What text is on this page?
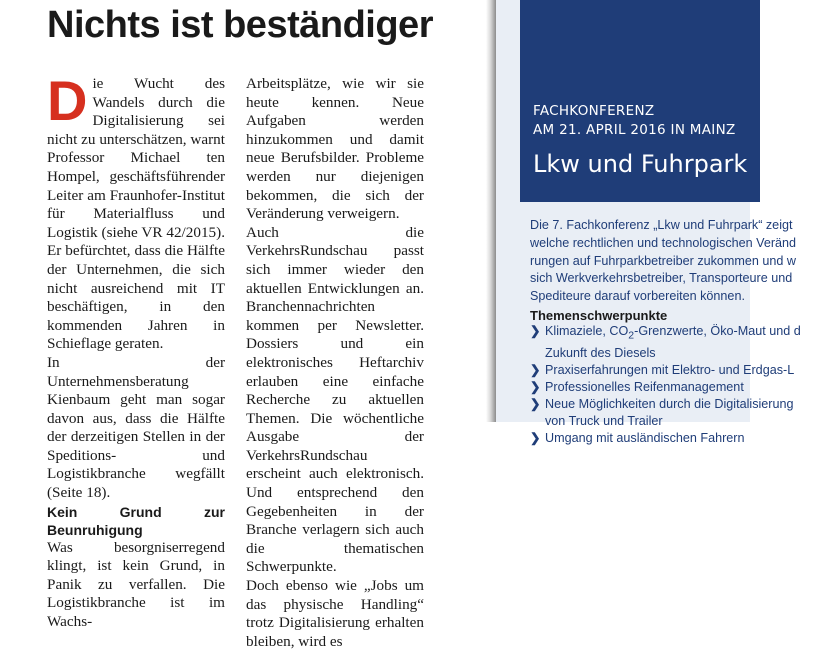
Nichts ist beständiger

Die Wucht des Wandels durch die Digitalisierung sei nicht zu unterschätzen, warnt Professor Michael ten Hompel, geschäftsführender Leiter am Fraunhofer-Institut für Materialfluss und Logistik (siehe VR 42/2015). Er befürchtet, dass die Hälfte der Unternehmen, die sich nicht ausreichend mit IT beschäftigen, in den kommenden Jahren in Schieflage geraten.

In der Unternehmensberatung Kienbaum geht man sogar davon aus, dass die Hälfte der derzeitigen Stellen in der Speditions- und Logistikbranche wegfällt (Seite 18).

Kein Grund zur Beunruhigung

Was besorgniserregend klingt, ist kein Grund, in Panik zu verfallen. Die Logistikbranche ist im Wachs-

Arbeitsplätze, wie wir sie heute kennen. Neue Aufgaben werden hinzukommen und damit neue Berufsbilder. Probleme werden nur diejenigen bekommen, die sich der Veränderung verweigern.

Auch die VerkehrsRundschau passt sich immer wieder den aktuellen Entwicklungen an. Branchennachrichten kommen per Newsletter. Dossiers und ein elektronisches Heftarchiv erlauben eine einfache Recherche zu aktuellen Themen. Die wöchentliche Ausgabe der VerkehrsRundschau erscheint auch elektronisch. Und entsprechend den Gegebenheiten in der Branche verlagern sich auch die thematischen Schwerpunkte.

Doch ebenso wie „Jobs um das physische Handling“ trotz Digitalisierung erhalten bleiben, wird es

FACHKONFERENZ
AM 21. APRIL 2016 IN MAINZ

Lkw und Fuhrpark

Die 7. Fachkonferenz „Lkw und Fuhrpark“ zeigt
welche rechtlichen und technologischen Veränd
rungen auf Fuhrparkbetreiber zukommen und w
sich Werkverkehrsbetreiber, Transporteure und
Spediteure darauf vorbereiten können.

Themenschwerpunkte

❯ Klimaziele, $CO_2$-Grenzwerte, Öko-Maut und d
Zukunft des Diesels
❯ Praxiserfahrungen mit Elektro- und Erdgas-L
❯ Professionelles Reifenmanagement
❯ Neue Möglichkeiten durch die Digitalisierung
von Truck und Trailer
❯ Umgang mit ausländischen Fahrern
